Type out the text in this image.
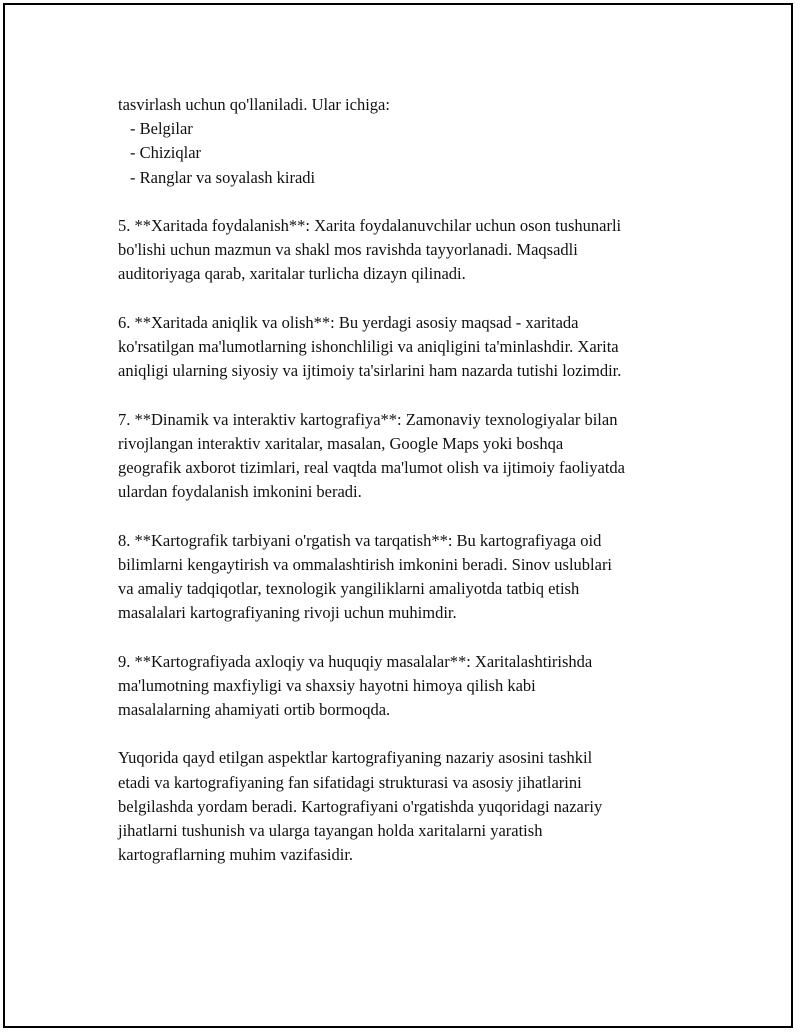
tasvirlash uchun qo'llaniladi. Ular ichiga:
- Belgilar
- Chiziqlar
- Ranglar va soyalash kiradi
5. **Xaritada foydalanish**: Xarita foydalanuvchilar uchun oson tushunarli
bo'lishi uchun mazmun va shakl mos ravishda tayyorlanadi. Maqsadli
auditoriyaga qarab, xaritalar turlicha dizayn qilinadi.
6. **Xaritada aniqlik va olish**: Bu yerdagi asosiy maqsad - xaritada
ko'rsatilgan ma'lumotlarning ishonchliligi va aniqligini ta'minlashdir. Xarita
aniqligi ularning siyosiy va ijtimoiy ta'sirlarini ham nazarda tutishi lozimdir.
7. **Dinamik va interaktiv kartografiya**: Zamonaviy texnologiyalar bilan
rivojlangan interaktiv xaritalar, masalan, Google Maps yoki boshqa
geografik axborot tizimlari, real vaqtda ma'lumot olish va ijtimoiy faoliyatda
ulardan foydalanish imkonini beradi.
8. **Kartografik tarbiyani o'rgatish va tarqatish**: Bu kartografiyaga oid
bilimlarni kengaytirish va ommalashtirish imkonini beradi. Sinov uslublari
va amaliy tadqiqotlar, texnologik yangiliklarni amaliyotda tatbiq etish
masalalari kartografiyaning rivoji uchun muhimdir.
9. **Kartografiyada axloqiy va huquqiy masalalar**: Xaritalashtirishda
ma'lumotning maxfiyligi va shaxsiy hayotni himoya qilish kabi
masalalarning ahamiyati ortib bormoqda.
Yuqorida qayd etilgan aspektlar kartografiyaning nazariy asosini tashkil
etadi va kartografiyaning fan sifatidagi strukturasi va asosiy jihatlarini
belgilashda yordam beradi. Kartografiyani o'rgatishda yuqoridagi nazariy
jihatlarni tushunish va ularga tayangan holda xaritalarni yaratish
kartograflarning muhim vazifasidir.
